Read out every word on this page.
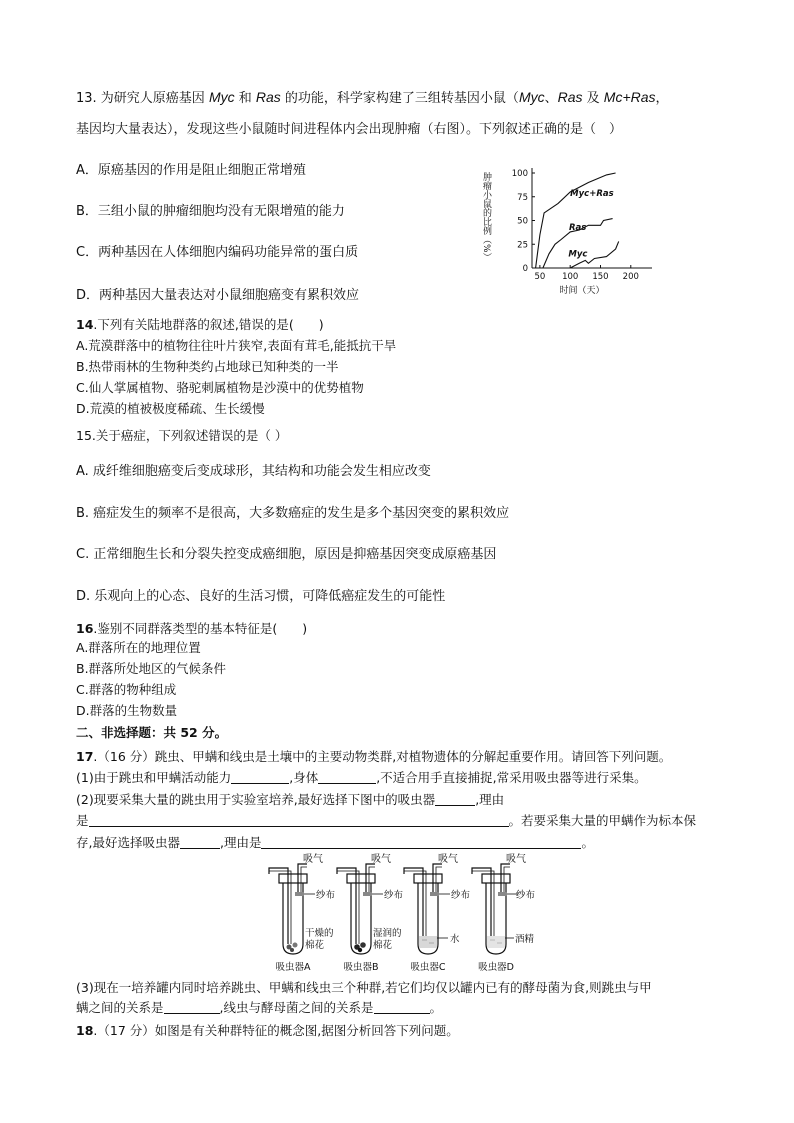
13. 为研究人原癌基因 Myc 和 Ras 的功能，科学家构建了三组转基因小鼠（Myc、Ras 及 Mc+Ras，
基因均大量表达），发现这些小鼠随时间进程体内会出现肿瘤（右图）。下列叙述正确的是（　）
A．原癌基因的作用是阻止细胞正常增殖
B．三组小鼠的肿瘤细胞均没有无限增殖的能力
C．两种基因在人体细胞内编码功能异常的蛋白质
D．两种基因大量表达对小鼠细胞癌变有累积效应
0
25
50
75
100
50 100 150 200
Myc+Ras
Ras
Myc
肿瘤小鼠的比例（%）
时间（天）
14.下列有关陆地群落的叙述,错误的是(　　)
A.荒漠群落中的植物往往叶片狭窄,表面有茸毛,能抵抗干旱
B.热带雨林的生物种类约占地球已知种类的一半
C.仙人掌属植物、骆驼刺属植物是沙漠中的优势植物
D.荒漠的植被极度稀疏、生长缓慢
15.关于癌症，下列叙述错误的是（ ）
A. 成纤维细胞癌变后变成球形，其结构和功能会发生相应改变
B. 癌症发生的频率不是很高，大多数癌症的发生是多个基因突变的累积效应
C. 正常细胞生长和分裂失控变成癌细胞，原因是抑癌基因突变成原癌基因
D. 乐观向上的心态、良好的生活习惯，可降低癌症发生的可能性
16.鉴别不同群落类型的基本特征是(　　)
A.群落所在的地理位置
B.群落所处地区的气候条件
C.群落的物种组成
D.群落的生物数量
二、非选择题：共 52 分。
17.（16 分）跳虫、甲螨和线虫是土壤中的主要动物类群,对植物遗体的分解起重要作用。请回答下列问题。
(1)由于跳虫和甲螨活动能力	,身体	,不适合用手直接捕捉,常采用吸虫器等进行采集。
(2)现要采集大量的跳虫用于实验室培养,最好选择下图中的吸虫器	,理由
是	。若要采集大量的甲螨作为标本保
存,最好选择吸虫器	,理由是	。
吸气
纱布
干燥的
棉花
吸虫器A
吸气
纱布
湿润的
棉花
吸虫器B
吸气
纱布
水
吸虫器C
吸气
纱布
酒精
吸虫器D
(3)现在一培养罐内同时培养跳虫、甲螨和线虫三个种群,若它们均仅以罐内已有的酵母菌为食,则跳虫与甲
螨之间的关系是	,线虫与酵母菌之间的关系是	。
18.（17 分）如图是有关种群特征的概念图,据图分析回答下列问题。
